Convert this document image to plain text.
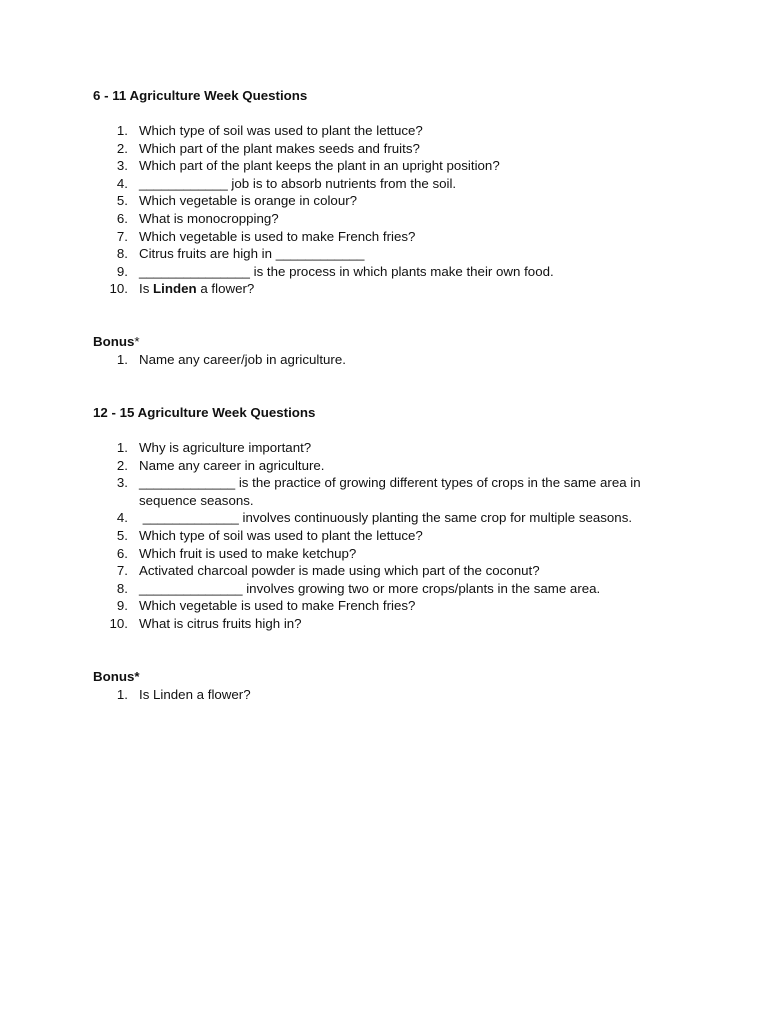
6 - 11 Agriculture Week Questions
1. Which type of soil was used to plant the lettuce?
2. Which part of the plant makes seeds and fruits?
3. Which part of the plant keeps the plant in an upright position?
4. ____________ job is to absorb nutrients from the soil.
5. Which vegetable is orange in colour?
6. What is monocropping?
7. Which vegetable is used to make French fries?
8. Citrus fruits are high in ____________
9. _______________ is the process in which plants make their own food.
10. Is Linden a flower?
Bonus*
1. Name any career/job in agriculture.
12 - 15 Agriculture Week Questions
1. Why is agriculture important?
2. Name any career in agriculture.
3. _____________ is the practice of growing different types of crops in the same area in sequence seasons.
4. _____________ involves continuously planting the same crop for multiple seasons.
5. Which type of soil was used to plant the lettuce?
6. Which fruit is used to make ketchup?
7. Activated charcoal powder is made using which part of the coconut?
8. ______________ involves growing two or more crops/plants in the same area.
9. Which vegetable is used to make French fries?
10. What is citrus fruits high in?
Bonus*
1. Is Linden a flower?
